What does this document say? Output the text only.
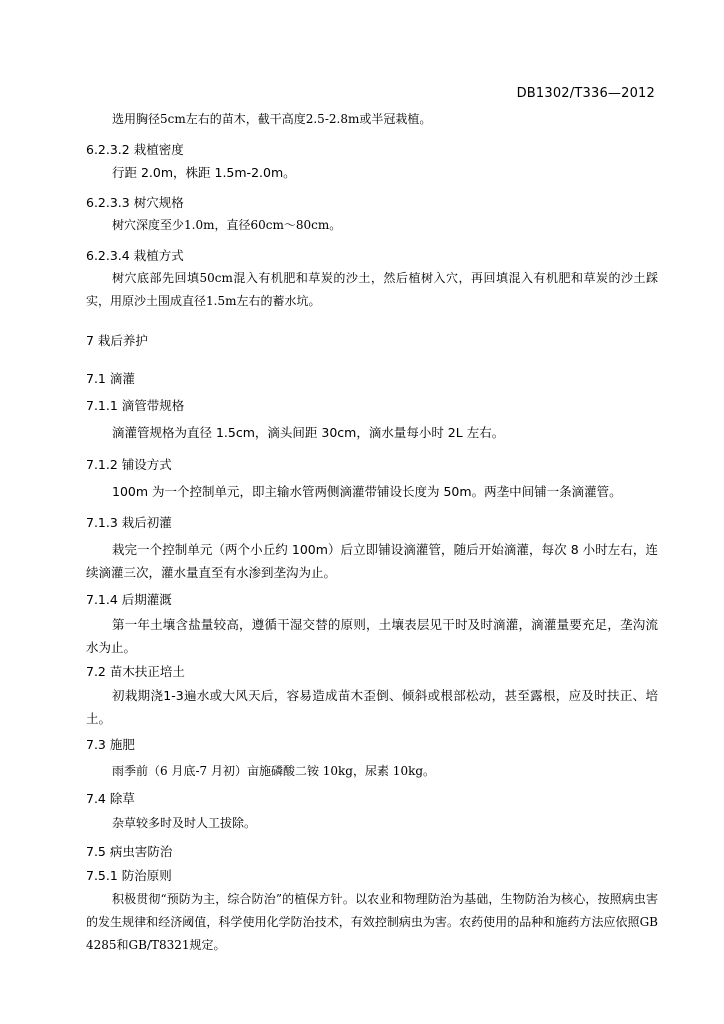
DB1302/T336—2012
选用胸径5cm左右的苗木，截干高度2.5-2.8m或半冠栽植。
6.2.3.2 栽植密度
行距 2.0m，株距 1.5m-2.0m。
6.2.3.3 树穴规格
树穴深度至少1.0m，直径60cm～80cm。
6.2.3.4 栽植方式
树穴底部先回填50cm混入有机肥和草炭的沙土，然后植树入穴，再回填混入有机肥和草炭的沙土踩实，用原沙土围成直径1.5m左右的蓄水坑。
7 栽后养护
7.1 滴灌
7.1.1 滴管带规格
滴灌管规格为直径 1.5cm，滴头间距 30cm，滴水量每小时 2L 左右。
7.1.2 铺设方式
100m 为一个控制单元，即主输水管两侧滴灌带铺设长度为 50m。两垄中间铺一条滴灌管。
7.1.3 栽后初灌
栽完一个控制单元（两个小丘约 100m）后立即铺设滴灌管，随后开始滴灌，每次 8 小时左右，连续滴灌三次，灌水量直至有水渗到垄沟为止。
7.1.4 后期灌溉
第一年土壤含盐量较高，遵循干湿交替的原则，土壤表层见干时及时滴灌，滴灌量要充足，垄沟流水为止。
7.2 苗木扶正培土
初栽期浇1-3遍水或大风天后，容易造成苗木歪倒、倾斜或根部松动，甚至露根，应及时扶正、培土。
7.3 施肥
雨季前（6 月底-7 月初）亩施磷酸二铵 10kg，尿素 10kg。
7.4 除草
杂草较多时及时人工拔除。
7.5 病虫害防治
7.5.1 防治原则
积极贯彻“预防为主，综合防治”的植保方针。以农业和物理防治为基础，生物防治为核心，按照病虫害的发生规律和经济阈值，科学使用化学防治技术，有效控制病虫为害。农药使用的品种和施药方法应依照GB4285和GB/T8321规定。
